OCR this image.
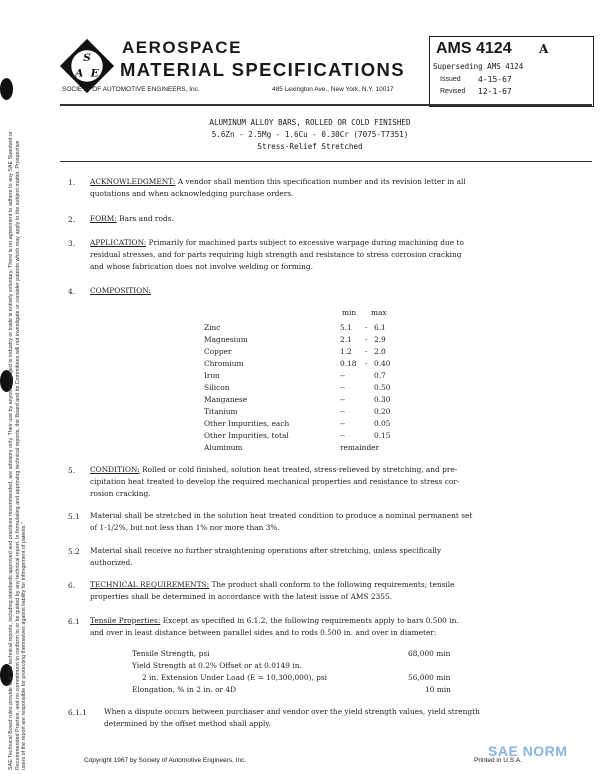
SAE Technical Board rules provide that: "All technical reports, including standards approved and practices recommended, are advisory only. Their use by anyone engaged in industry or trade is entirely voluntary. There is no agreement to adhere to any SAE Standard or Recommended Practice, and no commitment to conform to or be guided by any technical report. In formulating and approving technical reports, the Board and its Committees will not investigate or consider patents which may apply to the subject matter. Prospective users of the report are responsible for protecting themselves against liability for infringement of patents."
S
A E
AEROSPACE
MATERIAL SPECIFICATIONS
SOCIETY OF AUTOMOTIVE ENGINEERS, Inc.	485 Lexington Ave., New York, N.Y. 10017
AMS 4124 A
Superseding AMS 4124
Issued 4-15-67
Revised 12-1-67
ALUMINUM ALLOY BARS, ROLLED OR COLD FINISHED
5.6Zn - 2.5Mg - 1.6Cu - 0.30Cr (7075-T7351)
Stress-Relief Stretched
1. ACKNOWLEDGMENT: A vendor shall mention this specification number and its revision letter in all
quotations and when acknowledging purchase orders.
2. FORM: Bars and rods.
3. APPLICATION: Primarily for machined parts subject to excessive warpage during machining due to
residual stresses, and for parts requiring high strength and resistance to stress corrosion cracking
and whose fabrication does not involve welding or forming.
4. COMPOSITION:
min max
Zinc	5.1 - 6.1
Magnesium	2.1 - 2.9
Copper	1.2 - 2.0
Chromium	0.18 - 0.40
Iron	--	0.7
Silicon	--	0.50
Manganese	--	0.30
Titanium	--	0.20
Other Impurities, each	--	0.05
Other Impurities, total	--	0.15
Aluminum	remainder
5. CONDITION: Rolled or cold finished, solution heat treated, stress-relieved by stretching, and pre-
cipitation heat treated to develop the required mechanical properties and resistance to stress cor-
rosion cracking.
5.1 Material shall be stretched in the solution heat treated condition to produce a nominal permanent set
of 1-1/2%, but not less than 1% nor more than 3%.
5.2 Material shall receive no further straightening operations after stretching, unless specifically
authorized.
6. TECHNICAL REQUIREMENTS: The product shall conform to the following requirements; tensile
properties shall be determined in accordance with the latest issue of AMS 2355.
6.1 Tensile Properties: Except as specified in 6.1.2, the following requirements apply to bars 0.500 in.
and over in least distance between parallel sides and to rods 0.500 in. and over in diameter:
Tensile Strength, psi	68,000 min
Yield Strength at 0.2% Offset or at 0.0149 in.
2 in. Extension Under Load (E = 10,300,000), psi	56,000 min
Elongation, % in 2 in. or 4D	10 min
6.1.1 When a dispute occurs between purchaser and vendor over the yield strength values, yield strength
determined by the offset method shall apply.
Copyright 1967 by Society of Automotive Engineers, Inc.	Printed in U.S.A.
SAE NORM
